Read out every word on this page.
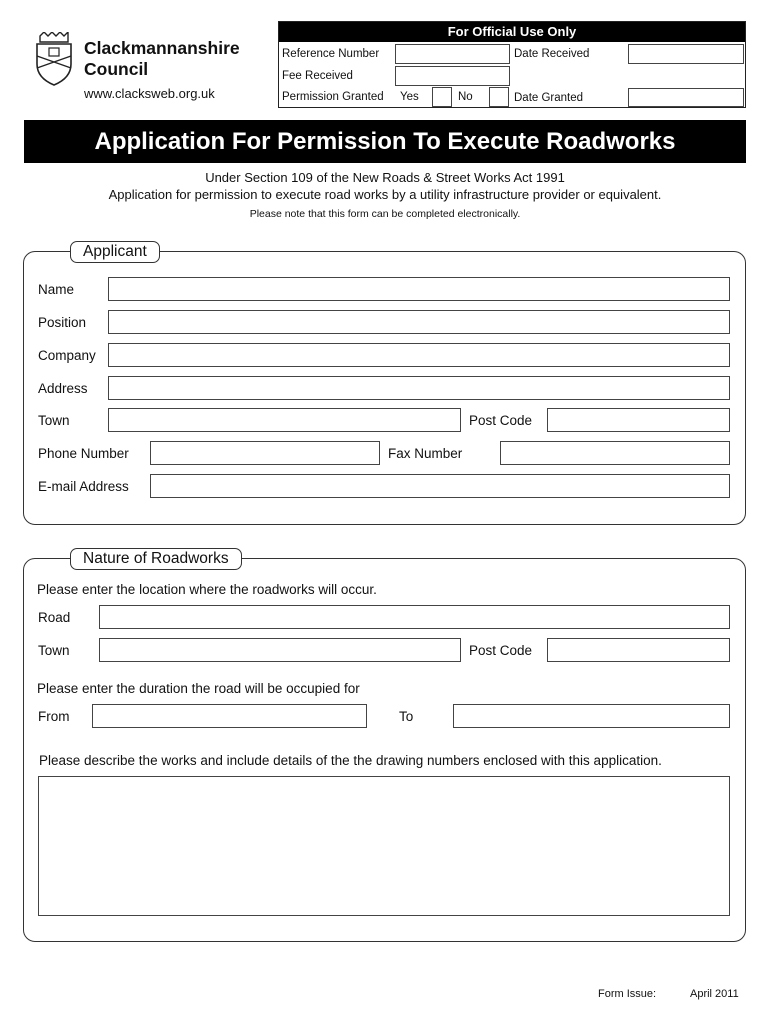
Clackmannanshire Council
www.clacksweb.org.uk
For Official Use Only
Reference Number	Date Received
Fee Received
Permission Granted Yes	No	Date Granted
Application For Permission To Execute Roadworks
Under Section 109 of the New Roads & Street Works Act 1991
Application for permission to execute road works by a utility infrastructure provider or equivalent.
Please note that this form can be completed electronically.
Applicant
Name
Position
Company
Address
Town	Post Code
Phone Number	Fax Number
E-mail Address
Nature of Roadworks
Please enter the location where the roadworks will occur.
Road
Town	Post Code
Please enter the duration the road will be occupied for
From	To
Please describe the works and include details of the the drawing numbers enclosed with this application.
Form Issue:	April 2011
